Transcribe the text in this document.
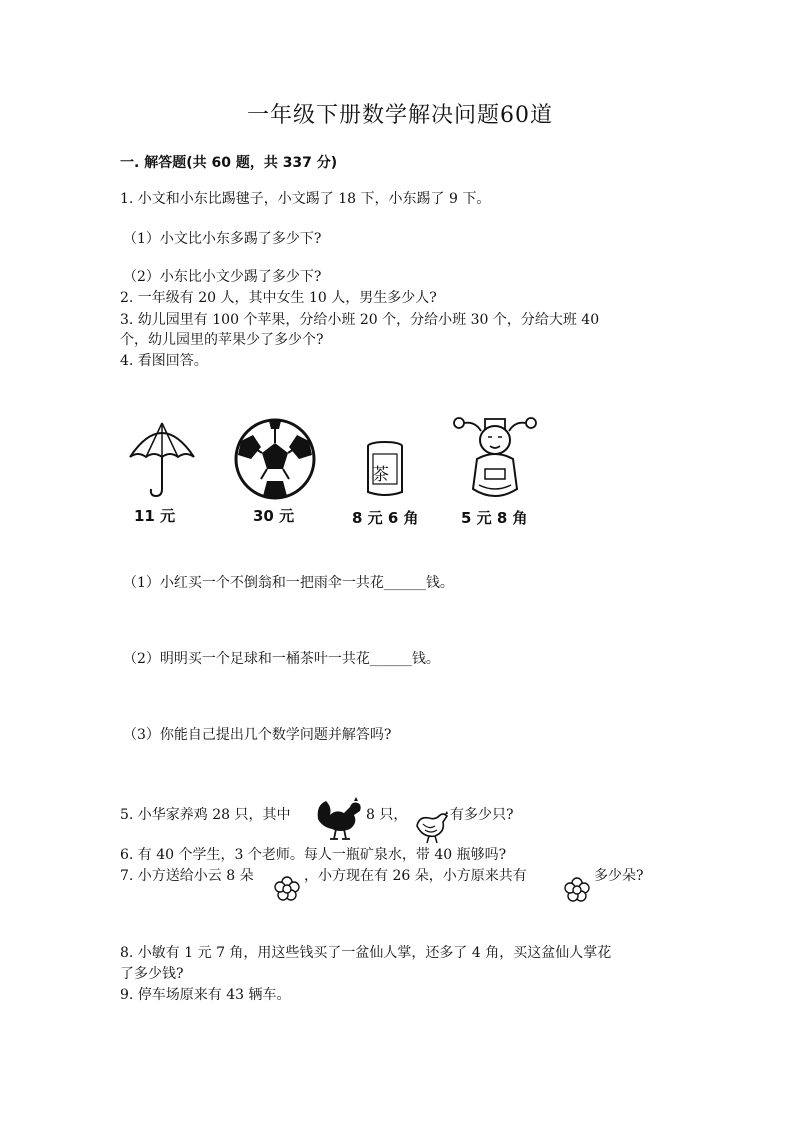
一年级下册数学解决问题60道
一. 解答题(共 60 题，共 337 分)
1. 小文和小东比踢毽子，小文踢了 18 下，小东踢了 9 下。
（1）小文比小东多踢了多少下?
（2）小东比小文少踢了多少下?
2. 一年级有 20 人，其中女生 10 人，男生多少人?
3. 幼儿园里有 100 个苹果，分给小班 20 个，分给小班 30 个，分给大班 40
个，幼儿园里的苹果少了多少个?
4. 看图回答。
11 元	30 元
茶
8 元 6 角	5 元 8 角
（1）小红买一个不倒翁和一把雨伞一共花______钱。
（2）明明买一个足球和一桶茶叶一共花______钱。
（3）你能自己提出几个数学问题并解答吗?
5. 小华家养鸡 28 只，其中	8 只，	有多少只?
6. 有 40 个学生，3 个老师。每人一瓶矿泉水，带 40 瓶够吗?
7. 小方送给小云 8 朵	，小方现在有 26 朵，小方原来共有	多少朵?
8. 小敏有 1 元 7 角，用这些钱买了一盆仙人掌，还多了 4 角，买这盆仙人掌花
了多少钱?
9. 停车场原来有 43 辆车。
